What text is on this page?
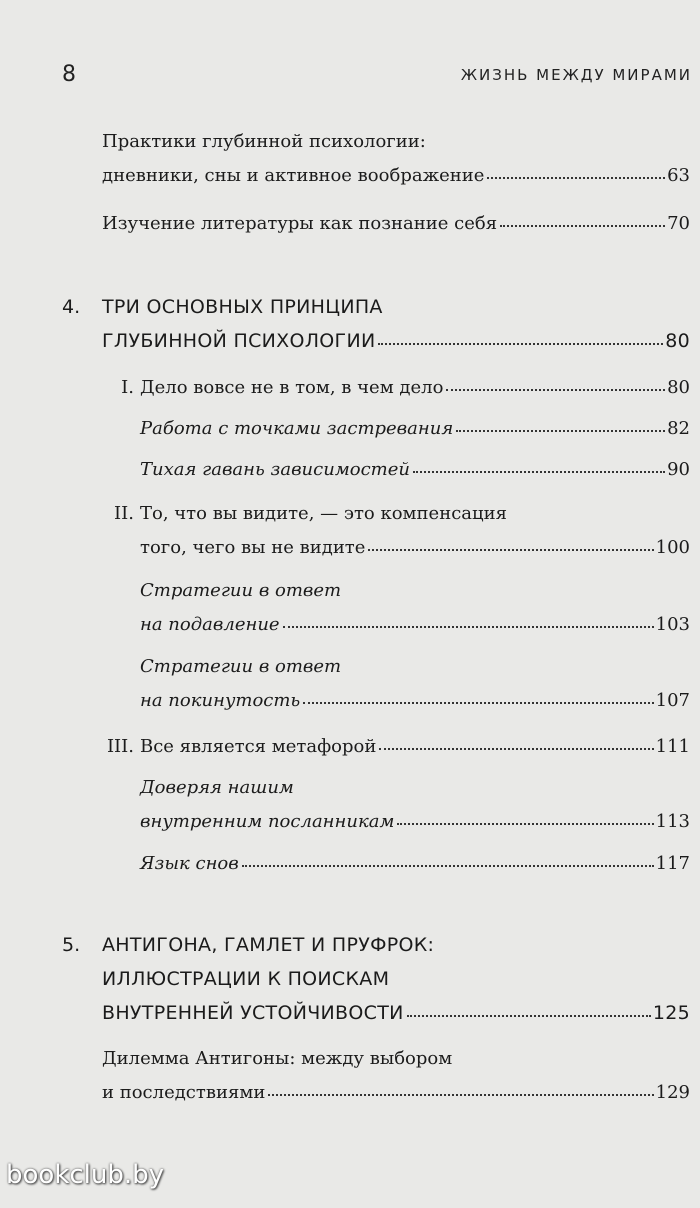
8	ЖИЗНЬ МЕЖДУ МИРАМИ
Практики глубинной психологии:
дневники, сны и активное воображение	63
Изучение литературы как познание себя	70
4. ТРИ ОСНОВНЫХ ПРИНЦИПА
ГЛУБИННОЙ ПСИХОЛОГИИ	80
I. Дело вовсе не в том, в чем дело	80
Работа с точками застревания	82
Тихая гавань зависимостей	90
II. То, что вы видите, — это компенсация
того, чего вы не видите	100
Стратегии в ответ
на подавление	103
Стратегии в ответ
на покинутость	107
III. Все является метафорой	111
Доверяя нашим
внутренним посланникам	113
Язык снов	117
5. АНТИГОНА, ГАМЛЕТ И ПРУФРОК:
ИЛЛЮСТРАЦИИ К ПОИСКАМ
ВНУТРЕННЕЙ УСТОЙЧИВОСТИ	125
Дилемма Антигоны: между выбором
и последствиями	129
bookclub.by
